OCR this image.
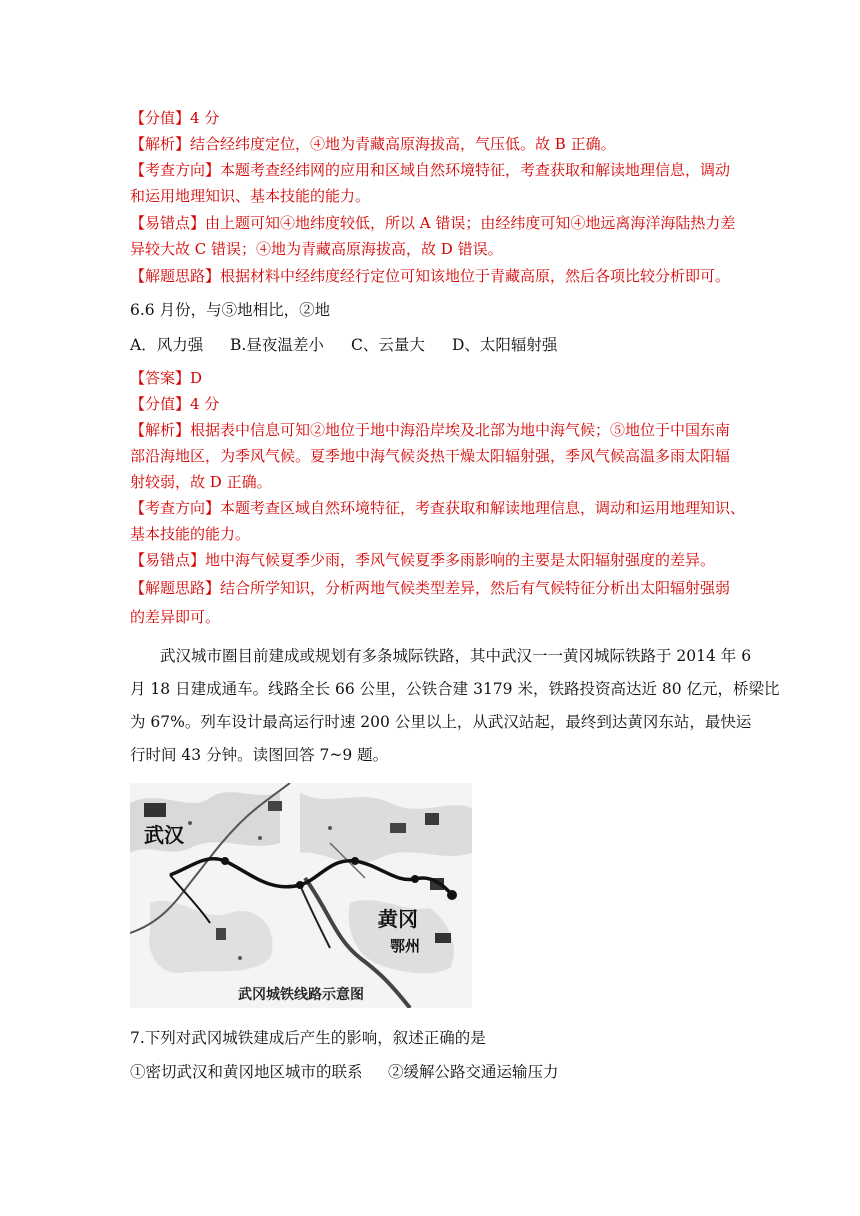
【分值】4 分
【解析】结合经纬度定位，④地为青藏高原海拔高，气压低。故 B 正确。
【考查方向】本题考查经纬网的应用和区域自然环境特征，考查获取和解读地理信息，调动
和运用地理知识、基本技能的能力。
【易错点】由上题可知④地纬度较低，所以 A 错误；由经纬度可知④地远离海洋海陆热力差
异较大故 C 错误；④地为青藏高原海拔高，故 D 错误。
【解题思路】根据材料中经纬度经行定位可知该地位于青藏高原，然后各项比较分析即可。
6.6 月份，与⑤地相比，②地
A．风力强 B.昼夜温差小 C、云量大 D、太阳辐射强
【答案】D
【分值】4 分
【解析】根据表中信息可知②地位于地中海沿岸埃及北部为地中海气候；⑤地位于中国东南
部沿海地区，为季风气候。夏季地中海气候炎热干燥太阳辐射强，季风气候高温多雨太阳辐
射较弱，故 D 正确。
【考查方向】本题考查区域自然环境特征，考查获取和解读地理信息，调动和运用地理知识、
基本技能的能力。
【易错点】地中海气候夏季少雨，季风气候夏季多雨影响的主要是太阳辐射强度的差异。
【解题思路】结合所学知识，分析两地气候类型差异，然后有气候特征分析出太阳辐射强弱
的差异即可。
武汉城市圈目前建成或规划有多条城际铁路，其中武汉一一黄冈城际铁路于 2014 年 6
月 18 日建成通车。线路全长 66 公里，公铁合建 3179 米，铁路投资高达近 80 亿元，桥梁比
为 67%。列车设计最高运行时速 200 公里以上，从武汉站起，最终到达黄冈东站，最快运
行时间 43 分钟。读图回答 7~9 题。
武汉
黄冈
鄂州
武冈城铁线路示意图
7.下列对武冈城铁建成后产生的影响，叙述正确的是
①密切武汉和黄冈地区城市的联系 ②缓解公路交通运输压力
